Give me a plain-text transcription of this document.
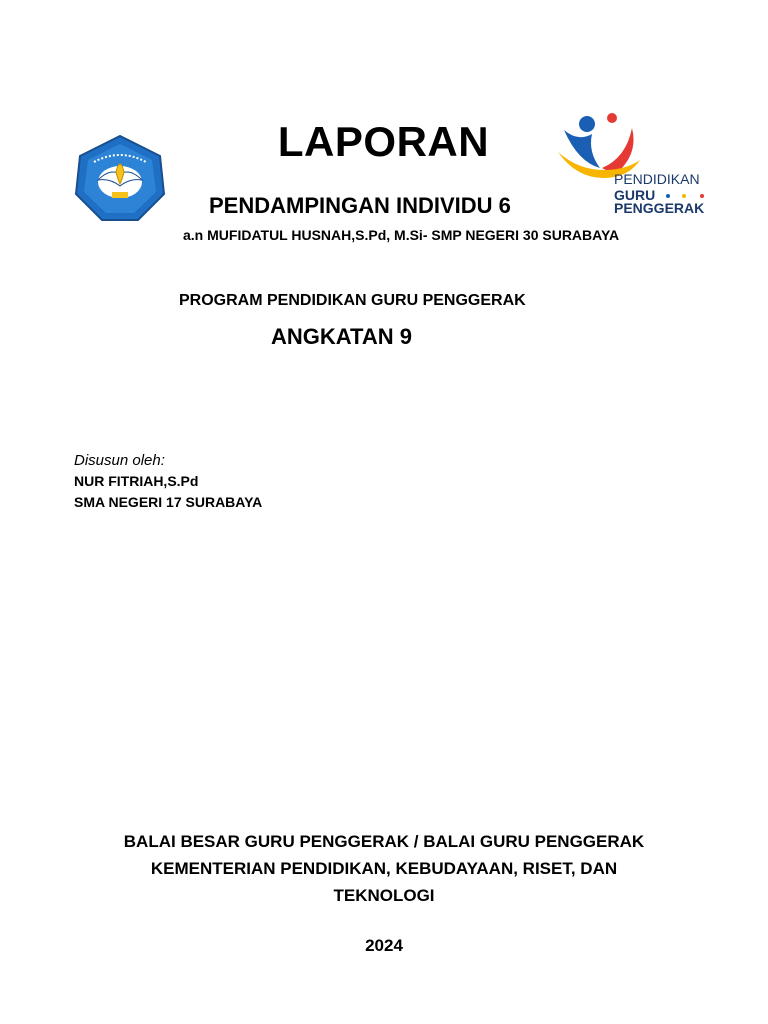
PENDIDIKAN
GURU
PENGGERAK
LAPORAN
PENDAMPINGAN INDIVIDU 6
a.n MUFIDATUL HUSNAH,S.Pd, M.Si- SMP NEGERI 30 SURABAYA
PROGRAM PENDIDIKAN GURU PENGGERAK
ANGKATAN 9
Disusun oleh:
NUR FITRIAH,S.Pd
SMA NEGERI 17 SURABAYA
BALAI BESAR GURU PENGGERAK / BALAI GURU PENGGERAK
KEMENTERIAN PENDIDIKAN, KEBUDAYAAN, RISET, DAN
TEKNOLOGI
2024
